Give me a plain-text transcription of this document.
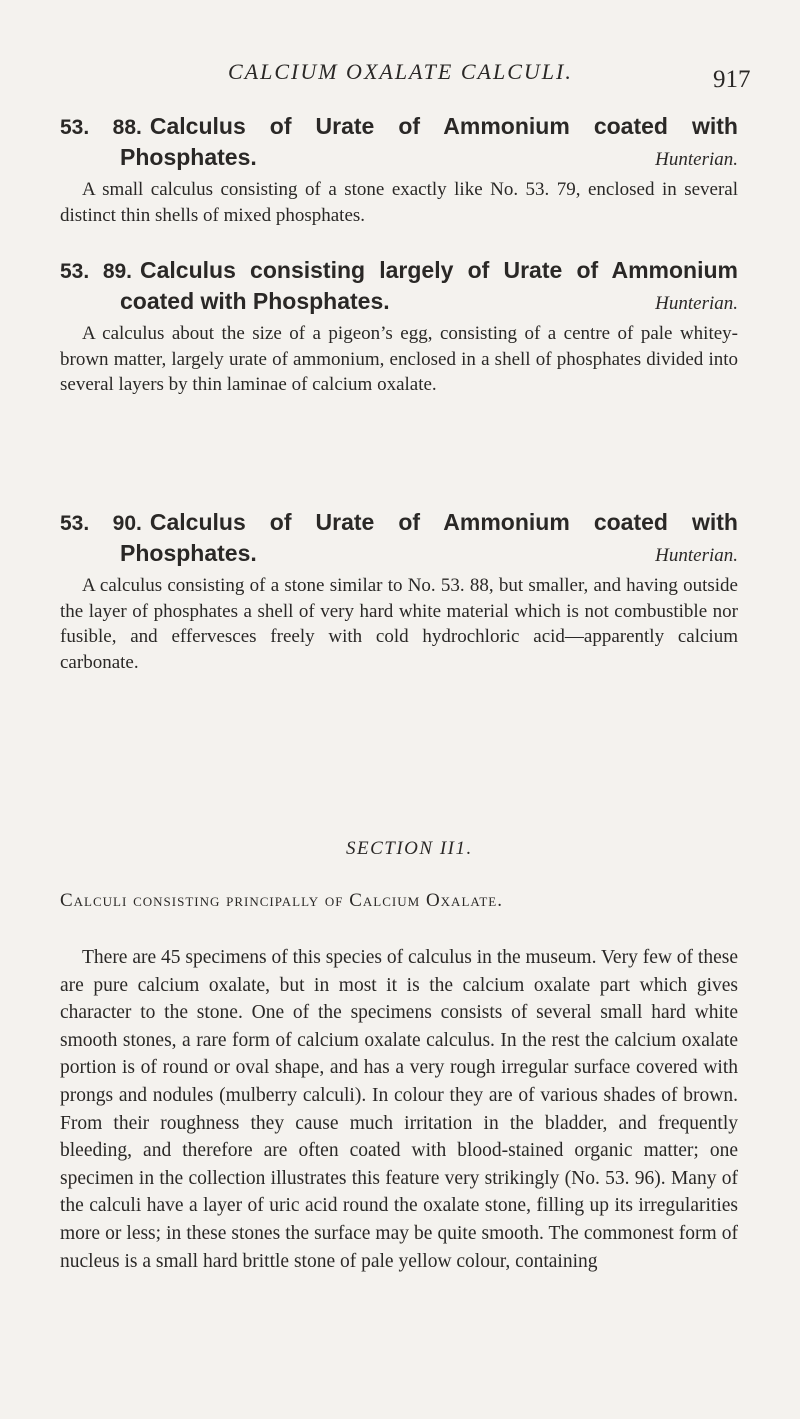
CALCIUM OXALATE CALCULI.	917

53. 88. Calculus of Urate of Ammonium coated with

Phosphates.	Hunterian.

A small calculus consisting of a stone exactly like No. 53. 79, enclosed in several distinct thin shells of mixed phosphates.

53. 89. Calculus consisting largely of Urate of Ammonium

coated with Phosphates.	Hunterian.

A calculus about the size of a pigeon’s egg, consisting of a centre of pale whitey-brown matter, largely urate of ammonium, enclosed in a shell of phosphates divided into several layers by thin laminae of calcium oxalate.

53. 90. Calculus of Urate of Ammonium coated with

Phosphates.	Hunterian.

A calculus consisting of a stone similar to No. 53. 88, but smaller, and having outside the layer of phosphates a shell of very hard white material which is not combustible nor fusible, and effervesces freely with cold hydrochloric acid—apparently calcium carbonate.

SECTION II1.
Calculi consisting principally of Calcium Oxalate.

There are 45 specimens of this species of calculus in the museum. Very few of these are pure calcium oxalate, but in most it is the calcium oxalate part which gives character to the stone. One of the specimens consists of several small hard white smooth stones, a rare form of calcium oxalate calculus. In the rest the calcium oxalate portion is of round or oval shape, and has a very rough irregular surface covered with prongs and nodules (mulberry calculi). In colour they are of various shades of brown. From their roughness they cause much irritation in the bladder, and frequently bleeding, and therefore are often coated with blood-stained organic matter; one specimen in the collection illustrates this feature very strikingly (No. 53. 96). Many of the calculi have a layer of uric acid round the oxalate stone, filling up its irregularities more or less; in these stones the surface may be quite smooth. The commonest form of nucleus is a small hard brittle stone of pale yellow colour, containing
